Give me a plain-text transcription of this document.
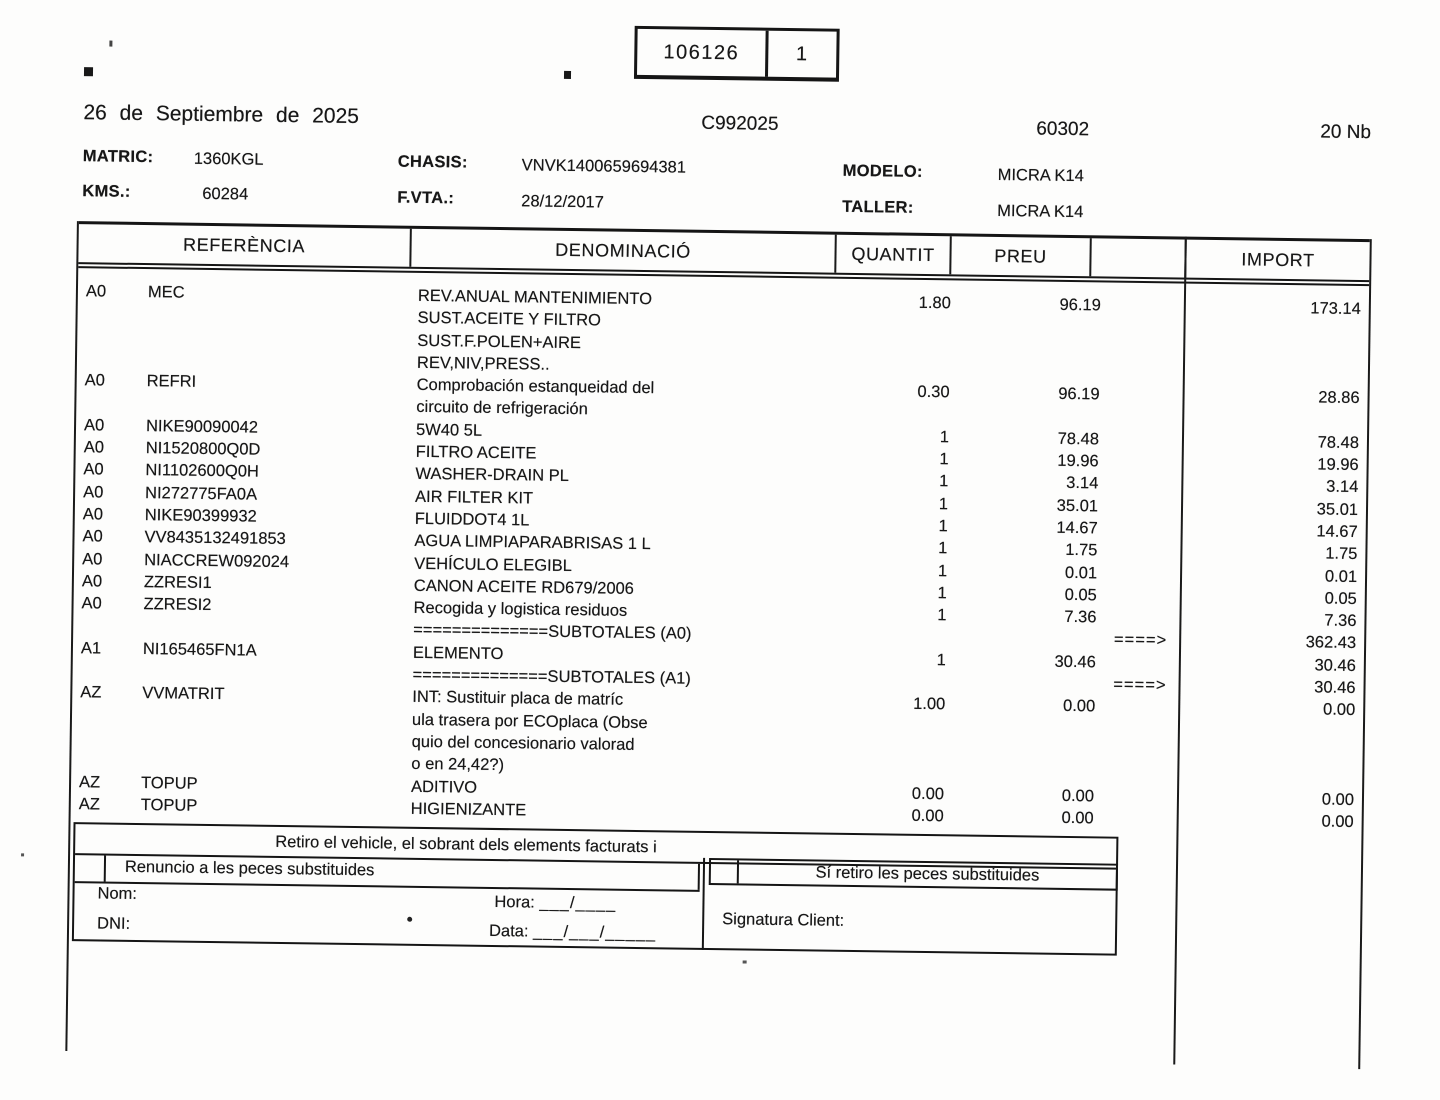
106126	1
26 de Septiembre de 2025	C992025	60302	20 Nb
MATRIC: 1360KGL	CHASIS:	VNVK1400659694381	MODELO:	MICRA K14
KMS.:	60284	F.VTA.:	28/12/2017	TALLER:	MICRA K14
REFERÈNCIA	DENOMINACIÓ	QUANTIT	PREU	IMPORT
A0	MEC	REV.ANUAL MANTENIMIENTO	1.80	96.19	173.14
SUST.ACEITE Y FILTRO
SUST.F.POLEN+AIRE
REV,NIV,PRESS..
A0	REFRI	Comprobación estanqueidad del	0.30	96.19	28.86
circuito de refrigeración
A0	NIKE90090042	5W40 5L	1	78.48	78.48
A0	NI1520800Q0D	FILTRO ACEITE	1	19.96	19.96
A0	NI1102600Q0H	WASHER-DRAIN PL	1	3.14	3.14
A0	NI272775FA0A	AIR FILTER KIT	1	35.01	35.01
A0	NIKE90399932	FLUIDDOT4 1L	1	14.67	14.67
A0	VV8435132491853	AGUA LIMPIAPARABRISAS 1 L	1	1.75	1.75
A0	NIACCREW092024	VEHÍCULO ELEGIBL	1	0.01	0.01
A0	ZZRESI1	CANON ACEITE RD679/2006	1	0.05	0.05
A0	ZZRESI2	Recogida y logistica residuos	1	7.36	7.36
==============SUBTOTALES (A0)	====>	362.43
A1	NI165465FN1A	ELEMENTO	1	30.46	30.46
==============SUBTOTALES (A1)	====>	30.46
AZ	VVMATRIT	INT: Sustituir placa de matríc	1.00	0.00	0.00
ula trasera por ECOplaca (Obse
quio del concesionario valorad
o en 24,42?)
AZ	TOPUP	ADITIVO	0.00	0.00	0.00
AZ	TOPUP	HIGIENIZANTE	0.00	0.00	0.00
Retiro el vehicle, el sobrant dels elements facturats i
Renuncio a les peces substituides	Sí retiro les peces substituides
Nom:
DNI:
Hora: ___/____
Data: ___/___/_____
Signatura Client:
